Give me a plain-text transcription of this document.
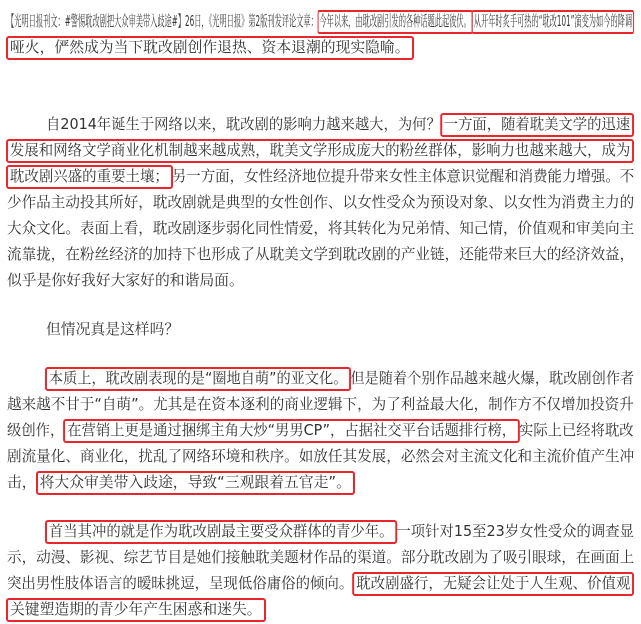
【光明日报刊文：#警惕耽改剧把大众审美带入歧途#】26日，《光明日报》第2版刊发评论文章：今年以来，由耽改剧引发的各种话题此起彼伏。 从开年时炙手可热的“耽改101”演变为如今的降调
哑火，俨然成为当下耽改剧创作退热、资本退潮的现实隐喻。
自2014年诞生于网络以来，耽改剧的影响力越来越大，为何？ 一方面，随着耽美文学的迅速
发展和网络文学商业化机制越来越成熟，耽美文学形成庞大的粉丝群体，影响力也越来越大，成为
耽改剧兴盛的重要土壤； 另一方面，女性经济地位提升带来女性主体意识觉醒和消费能力增强。不
少作品主动投其所好，耽改剧就是典型的女性创作、以女性受众为预设对象、以女性为消费主力的
大众文化。表面上看，耽改剧逐步弱化同性情爱，将其转化为兄弟情、知己情，价值观和审美向主
流靠拢，在粉丝经济的加持下也形成了从耽美文学到耽改剧的产业链，还能带来巨大的经济效益，
似乎是你好我好大家好的和谐局面。
但情况真是这样吗？
本质上，耽改剧表现的是“圈地自萌”的亚文化。 但是随着个别作品越来越火爆，耽改剧创作者
越来越不甘于“自萌”。尤其是在资本逐利的商业逻辑下，为了利益最大化，制作方不仅增加投资升
级创作， 在营销上更是通过捆绑主角大炒“男男CP”，占据社交平台话题排行榜， 实际上已经将耽改
剧流量化、商业化，扰乱了网络环境和秩序。如放任其发展，必然会对主流文化和主流价值产生冲
击， 将大众审美带入歧途，导致“三观跟着五官走”。
首当其冲的就是作为耽改剧最主要受众群体的青少年。 一项针对15至23岁女性受众的调查显
示，动漫、影视、综艺节目是她们接触耽美题材作品的渠道。部分耽改剧为了吸引眼球，在画面上
突出男性肢体语言的暧昧挑逗，呈现低俗庸俗的倾向。 耽改剧盛行，无疑会让处于人生观、价值观
关键塑造期的青少年产生困惑和迷失。
